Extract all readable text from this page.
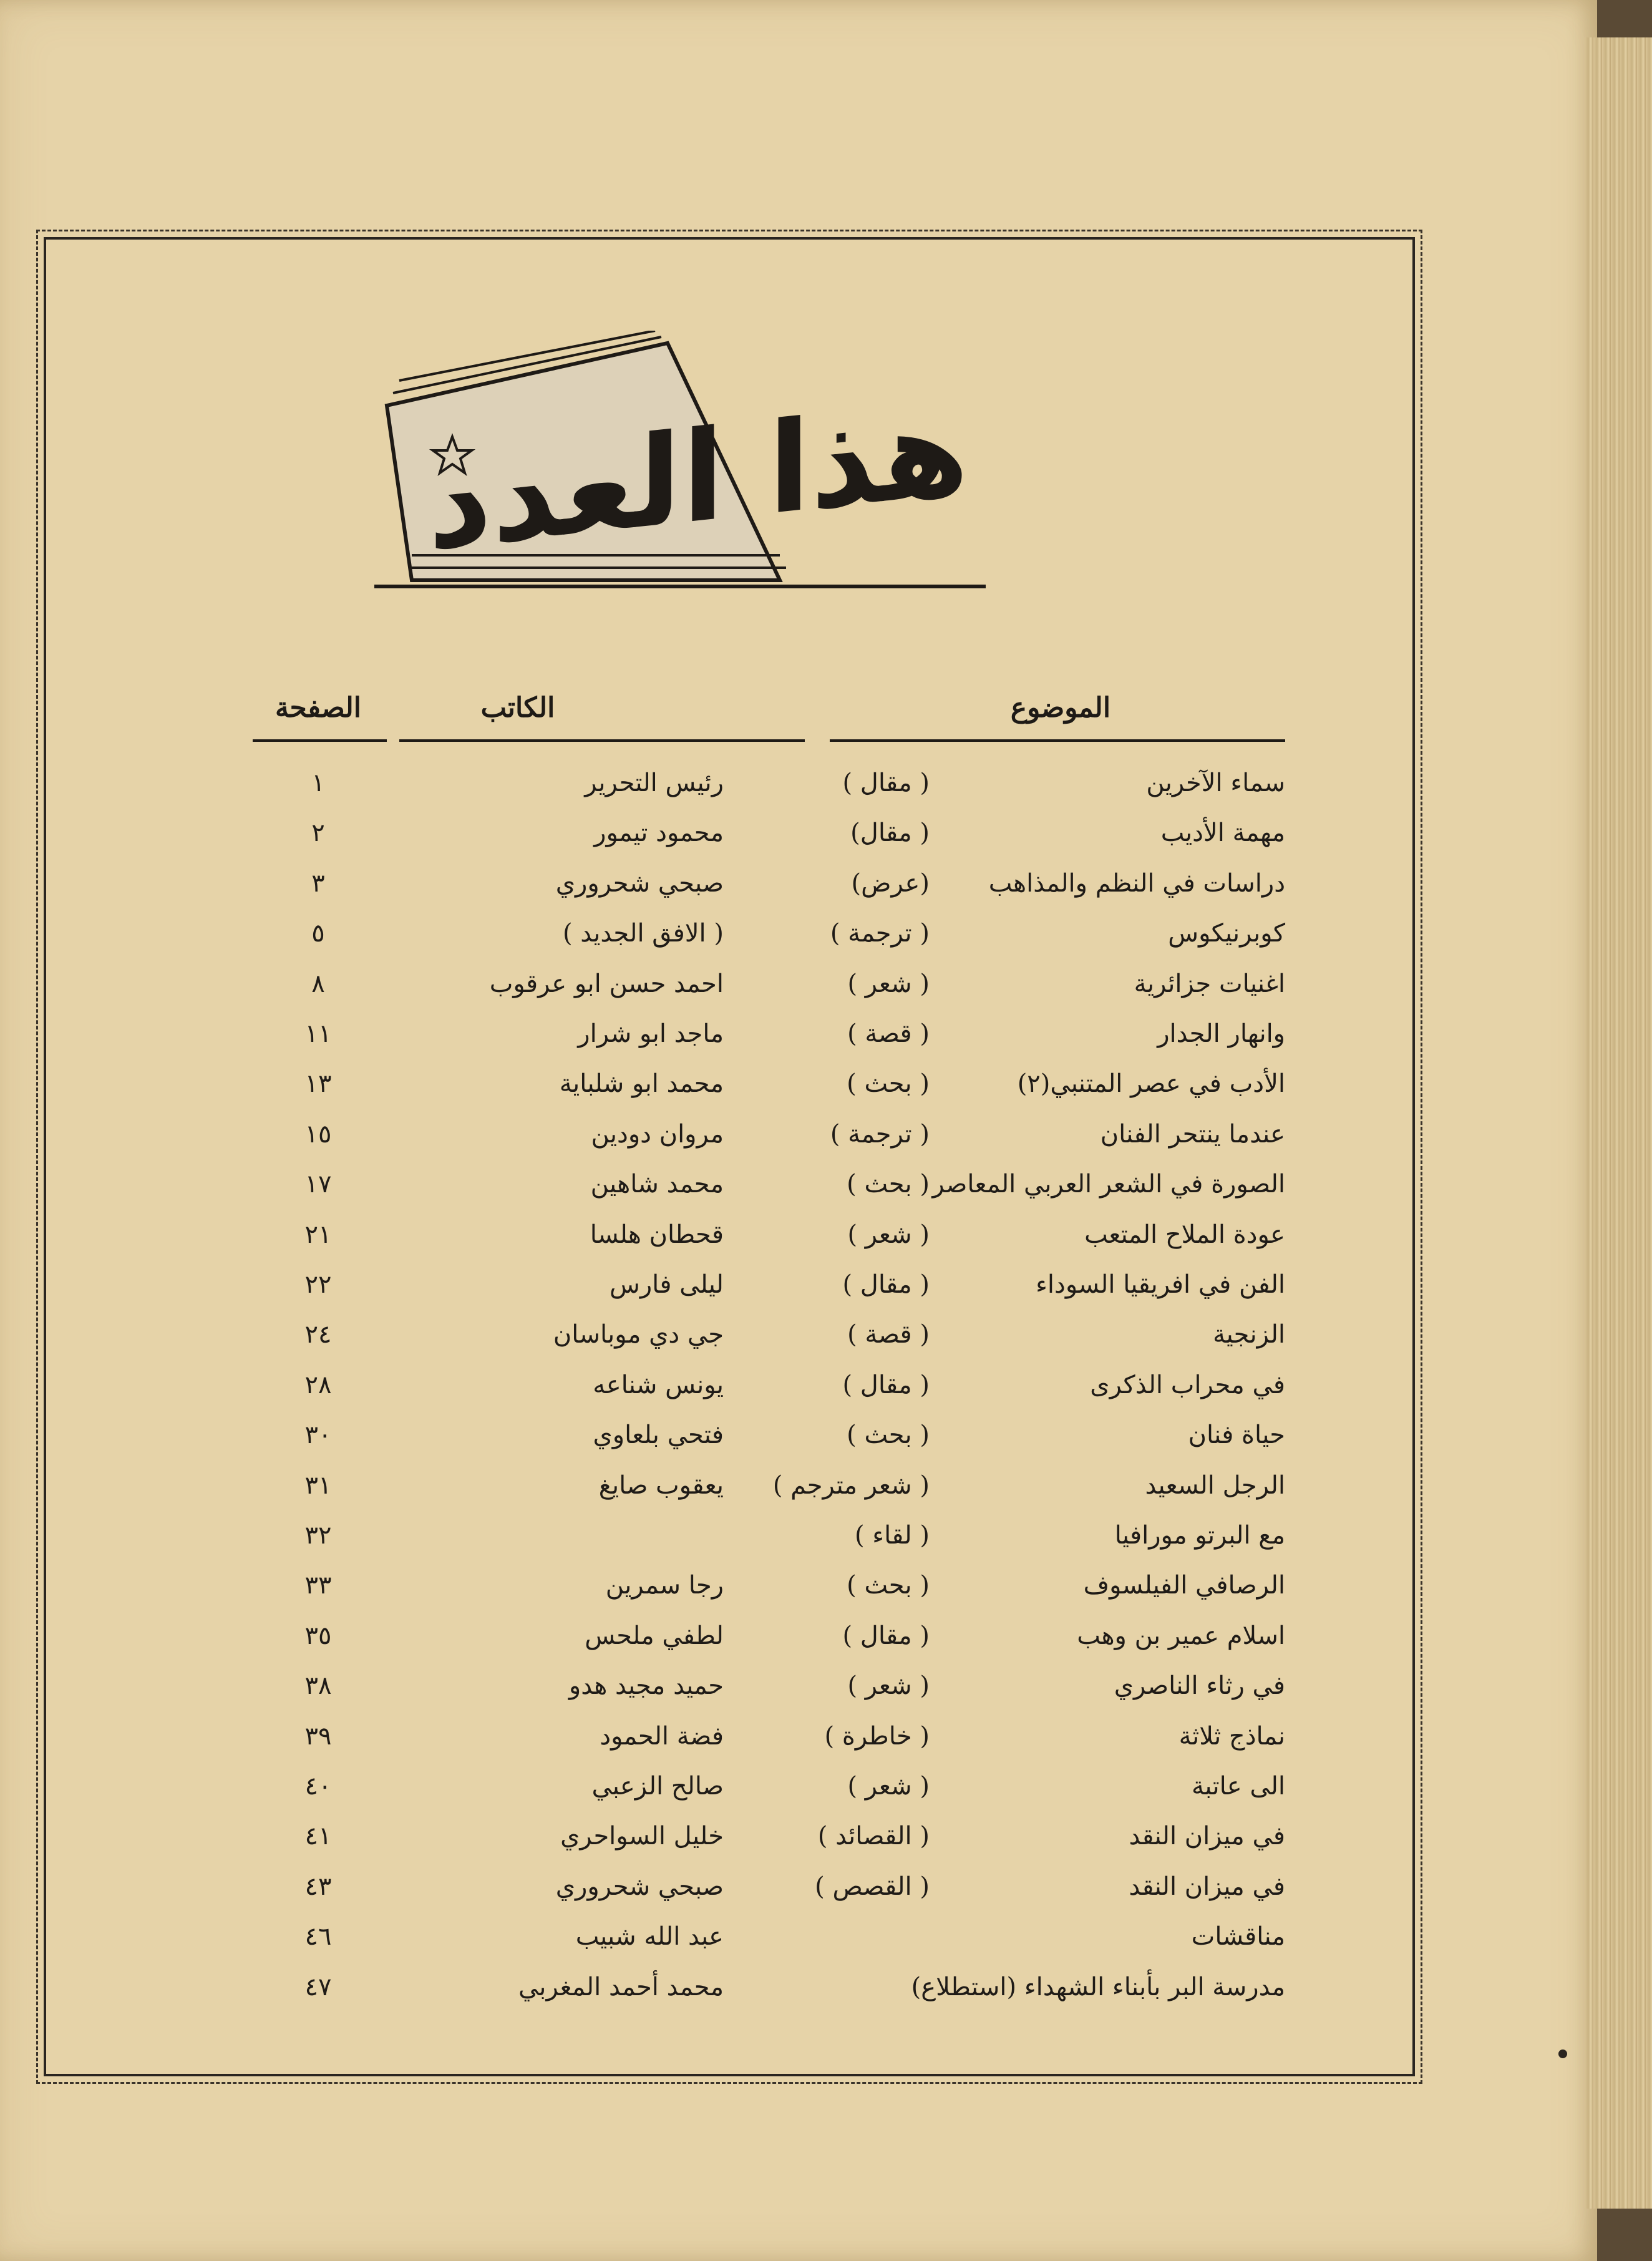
هذا العدد
الموضوع
الكاتب
الصفحة
سماء الآخرين
( مقال )
رئيس التحرير
١
مهمة الأديب
( مقال)
محمود تيمور
٢
دراسات في النظم والمذاهب
(عرض)
صبحي شحروري
٣
كوبرنيكوس
( ترجمة )
( الافق الجديد )
٥
اغنيات جزائرية
( شعر )
احمد حسن ابو عرقوب
٨
وانهار الجدار
( قصة )
ماجد ابو شرار
١١
الأدب في عصر المتنبي(٢)
( بحث )
محمد ابو شلباية
١٣
عندما ينتحر الفنان
( ترجمة )
مروان دودين
١٥
الصورة في الشعر العربي المعاصر
( بحث )
محمد شاهين
١٧
عودة الملاح المتعب
( شعر )
قحطان هلسا
٢١
الفن في افريقيا السوداء
( مقال )
ليلى فارس
٢٢
الزنجية
( قصة )
جي دي موباسان
٢٤
في محراب الذكرى
( مقال )
يونس شناعه
٢٨
حياة فنان
( بحث )
فتحي بلعاوي
٣٠
الرجل السعيد
( شعر مترجم )
يعقوب صايغ
٣١
مع البرتو مورافيا
( لقاء )
٣٢
الرصافي الفيلسوف
( بحث )
رجا سمرين
٣٣
اسلام عمير بن وهب
( مقال )
لطفي ملحس
٣٥
في رثاء الناصري
( شعر )
حميد مجيد هدو
٣٨
نماذج ثلاثة
( خاطرة )
فضة الحمود
٣٩
الى عاتبة
( شعر )
صالح الزعبي
٤٠
في ميزان النقد
( القصائد )
خليل السواحري
٤١
في ميزان النقد
( القصص )
صبحي شحروري
٤٣
مناقشات
عبد الله شبيب
٤٦
مدرسة البر بأبناء الشهداء (استطلاع)
محمد أحمد المغربي
٤٧
